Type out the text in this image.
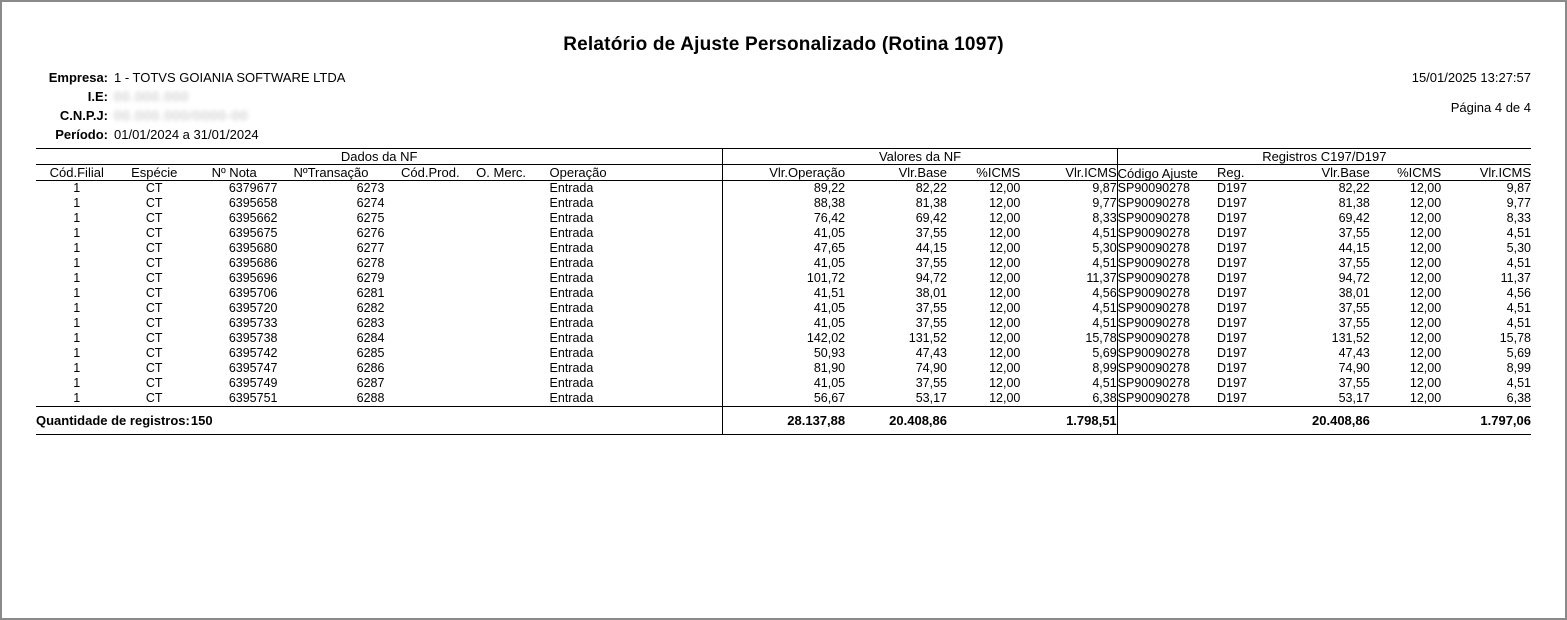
Relatório de Ajuste Personalizado (Rotina 1097)
Empresa: 1 - TOTVS GOIANIA SOFTWARE LTDA
I.E: 00.000.000
C.N.P.J: 00.000.000/0000-00
Período: 01/01/2024 a 31/01/2024
15/01/2025 13:27:57
Página 4 de 4
Dados da NF							Valores da NF				Registros C197/D197				
Cód.Filial	Espécie	Nº Nota	NºTransação	Cód.Prod.	O. Merc.	Operação	Vlr.Operação	Vlr.Base	%ICMS	Vlr.ICMS	Código Ajuste	Reg.	Vlr.Base	%ICMS	Vlr.ICMS
1	CT	6379677	6273			Entrada	89,22	82,22	12,00	9,87	SP90090278	D197	82,22	12,00	9,87
1	CT	6395658	6274			Entrada	88,38	81,38	12,00	9,77	SP90090278	D197	81,38	12,00	9,77
1	CT	6395662	6275			Entrada	76,42	69,42	12,00	8,33	SP90090278	D197	69,42	12,00	8,33
1	CT	6395675	6276			Entrada	41,05	37,55	12,00	4,51	SP90090278	D197	37,55	12,00	4,51
1	CT	6395680	6277			Entrada	47,65	44,15	12,00	5,30	SP90090278	D197	44,15	12,00	5,30
1	CT	6395686	6278			Entrada	41,05	37,55	12,00	4,51	SP90090278	D197	37,55	12,00	4,51
1	CT	6395696	6279			Entrada	101,72	94,72	12,00	11,37	SP90090278	D197	94,72	12,00	11,37
1	CT	6395706	6281			Entrada	41,51	38,01	12,00	4,56	SP90090278	D197	38,01	12,00	4,56
1	CT	6395720	6282			Entrada	41,05	37,55	12,00	4,51	SP90090278	D197	37,55	12,00	4,51
1	CT	6395733	6283			Entrada	41,05	37,55	12,00	4,51	SP90090278	D197	37,55	12,00	4,51
1	CT	6395738	6284			Entrada	142,02	131,52	12,00	15,78	SP90090278	D197	131,52	12,00	15,78
1	CT	6395742	6285			Entrada	50,93	47,43	12,00	5,69	SP90090278	D197	47,43	12,00	5,69
1	CT	6395747	6286			Entrada	81,90	74,90	12,00	8,99	SP90090278	D197	74,90	12,00	8,99
1	CT	6395749	6287			Entrada	41,05	37,55	12,00	4,51	SP90090278	D197	37,55	12,00	4,51
1	CT	6395751	6288			Entrada	56,67	53,17	12,00	6,38	SP90090278	D197	53,17	12,00	6,38
Quantidade de registros:		150					28.137,88	20.408,86		1.798,51			20.408,86		1.797,06
